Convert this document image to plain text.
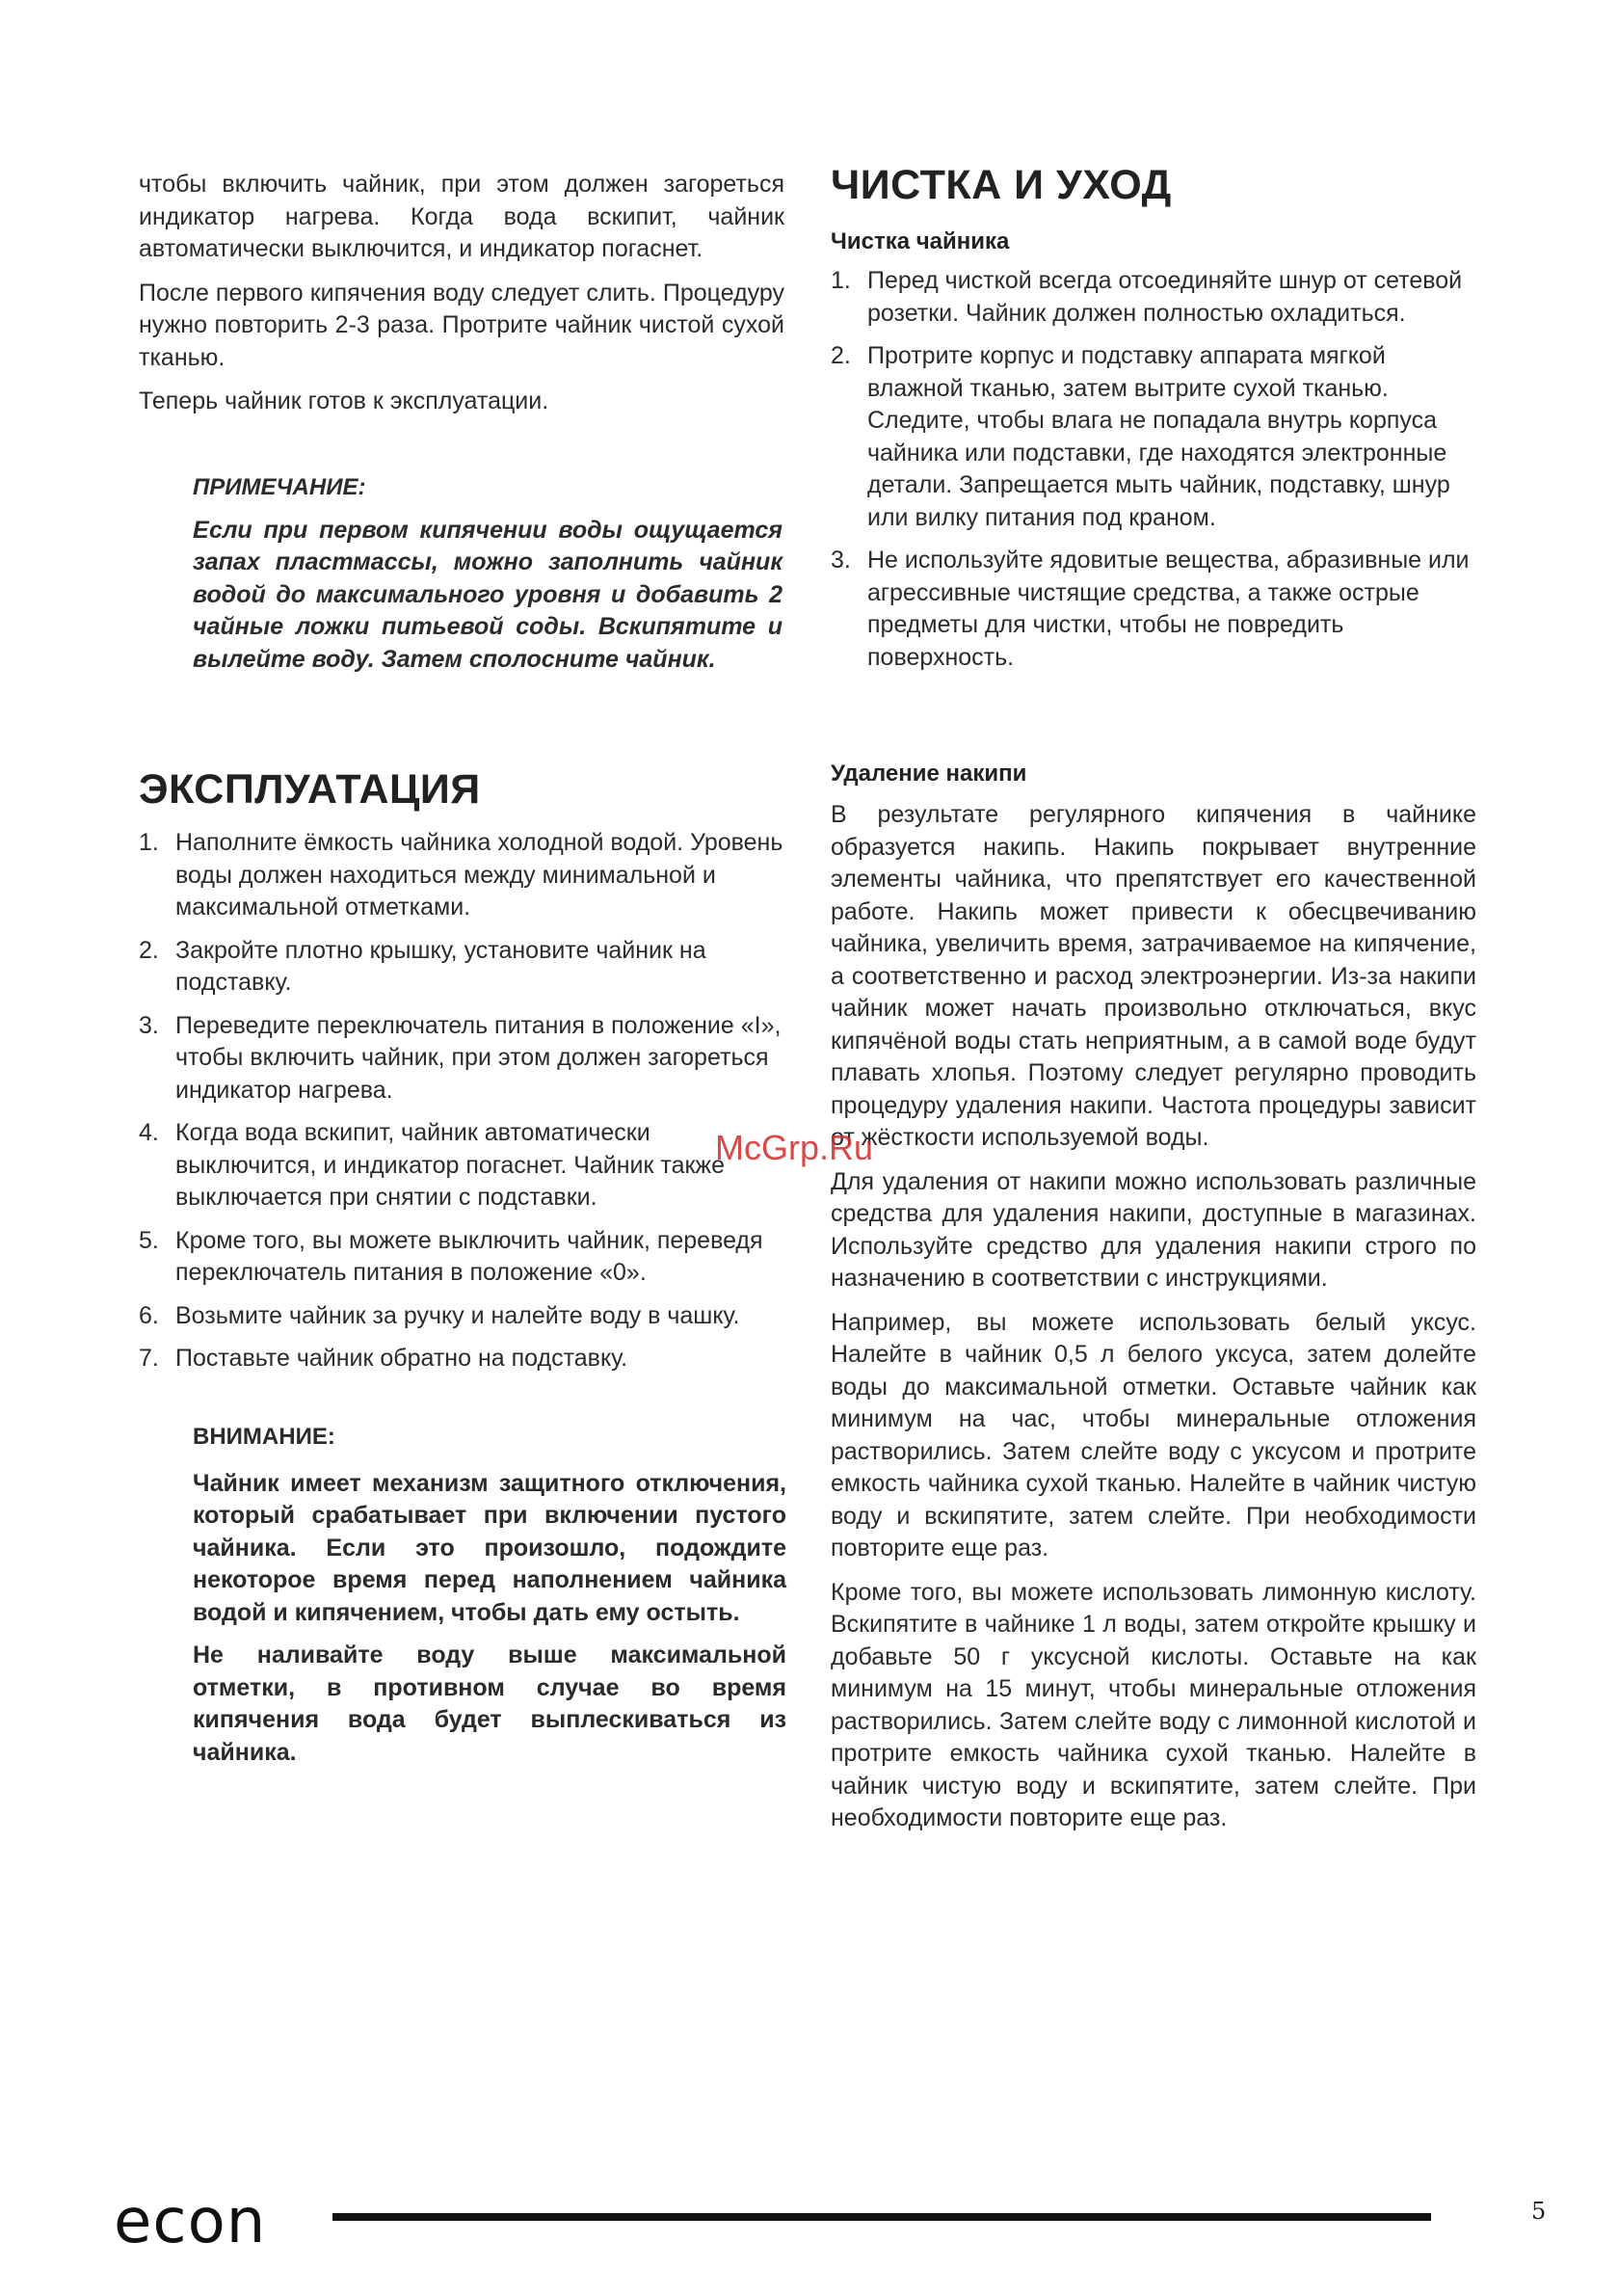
чтобы включить чайник, при этом должен загореться индикатор нагрева. Когда вода вскипит, чайник автоматически выключится, и индикатор погаснет.

После первого кипячения воду следует слить. Процедуру нужно повторить 2-3 раза. Протрите чайник чистой сухой тканью.

Теперь чайник готов к эксплуатации.

ПРИМЕЧАНИЕ:
Если при первом кипячении воды ощущается запах пластмассы, можно заполнить чайник водой до максимального уровня и добавить 2 чайные ложки питьевой соды. Вскипятите и вылейте воду. Затем сполосните чайник.
ЭКСПЛУАТАЦИЯ
1. Наполните ёмкость чайника холодной водой. Уровень воды должен находиться между минимальной и максимальной отметками.
2. Закройте плотно крышку, установите чайник на подставку.
3. Переведите переключатель питания в положение «I», чтобы включить чайник, при этом должен загореться индикатор нагрева.
4. Когда вода вскипит, чайник автоматически выключится, и индикатор погаснет. Чайник также выключается при снятии с подставки.
5. Кроме того, вы можете выключить чайник, переведя переключатель питания в положение «0».
6. Возьмите чайник за ручку и налейте воду в чашку.
7. Поставьте чайник обратно на подставку.
ВНИМАНИЕ:

Чайник имеет механизм защитного отключения, который срабатывает при включении пустого чайника. Если это произошло, подождите некоторое время перед наполнением чайника водой и кипячением, чтобы дать ему остыть.

Не наливайте воду выше максимальной отметки, в противном случае во время кипячения вода будет выплескиваться из чайника.

ЧИСТКА И УХОД
Чистка чайника
1. Перед чисткой всегда отсоединяйте шнур от сетевой розетки. Чайник должен полностью охладиться.
2. Протрите корпус и подставку аппарата мягкой влажной тканью, затем вытрите сухой тканью. Следите, чтобы влага не попадала внутрь корпуса чайника или подставки, где находятся электронные детали. Запрещается мыть чайник, подставку, шнур или вилку питания под краном.
3. Не используйте ядовитые вещества, абразивные или агрессивные чистящие средства, а также острые предметы для чистки, чтобы не повредить поверхность.
Удаление накипи

В результате регулярного кипячения в чайнике образуется накипь. Накипь покрывает внутренние элементы чайника, что препятствует его качественной работе. Накипь может привести к обесцвечиванию чайника, увеличить время, затрачиваемое на кипячение, а соответственно и расход электроэнергии. Из-за накипи чайник может начать произвольно отключаться, вкус кипячёной воды стать неприятным, а в самой воде будут плавать хлопья. Поэтому следует регулярно проводить процедуру удаления накипи. Частота процедуры зависит от жёсткости используемой воды.

Для удаления от накипи можно использовать различные средства для удаления накипи, доступные в магазинах. Используйте средство для удаления накипи строго по назначению в соответствии с инструкциями.

Например, вы можете использовать белый уксус. Налейте в чайник 0,5 л белого уксуса, затем долейте воды до максимальной отметки. Оставьте чайник как минимум на час, чтобы минеральные отложения растворились. Затем слейте воду с уксусом и протрите емкость чайника сухой тканью. Налейте в чайник чистую воду и вскипятите, затем слейте. При необходимости повторите еще раз.

Кроме того, вы можете использовать лимонную кислоту. Вскипятите в чайнике 1 л воды, затем откройте крышку и добавьте 50 г уксусной кислоты. Оставьте на как минимум на 15 минут, чтобы минеральные отложения растворились. Затем слейте воду с лимонной кислотой и протрите емкость чайника сухой тканью. Налейте в чайник чистую воду и вскипятите, затем слейте. При необходимости повторите еще раз.

McGrp.Ru
econ	5
